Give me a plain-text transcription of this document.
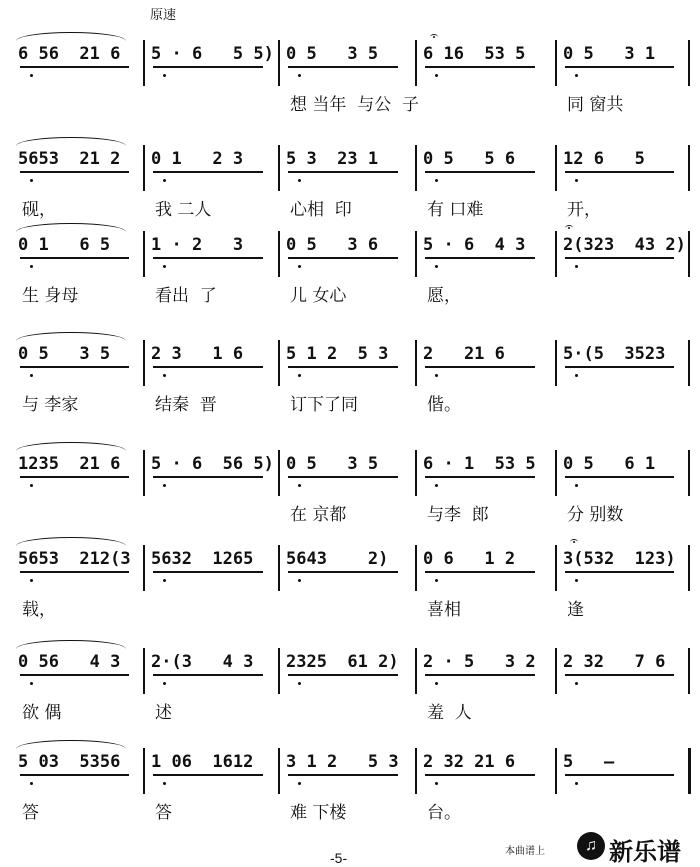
原速
6 56  21 6 5 · 6   5 5) 0 5   3 5
想 当年  与公  子
6 16  53 5 0 5   3 1
同 窗共
5653  21 2
砚，
0 1   2 3
我 二人
5 3  23 1
心相  印
0 5   5 6
有 口难
12 6   5
开，
0 1   6 5
生 身母
1 · 2   3
看出  了
0 5   3 6
儿 女心
5 · 6  4 3
愿，
2(323  43 2)
0 5   3 5
与 李家
2 3   1 6
结秦  晋
5 1 2  5 3
订下了同
2   21 6
偕。
5·(5  3523
1235  21 6 5 · 6  56 5) 0 5   3 5
在 京都
6 · 1  53 5
与李  郎
0 5   6 1
分 别数
5653  212(3
载，
5632  1265 5643    2) 0 6   1 2
喜相
3(532  123)
逢
0 56   4 3
欲 偶
2·(3   4 3
述
2325  61 2) 2 · 5   3 2
羞  人
2 32   7 6
5 03  5356
答
1 06  1612
答
3 1 2   5 3
难 下楼
2 32 21 6
台。
5   —
-5-	本曲谱上	♫ 新乐谱
